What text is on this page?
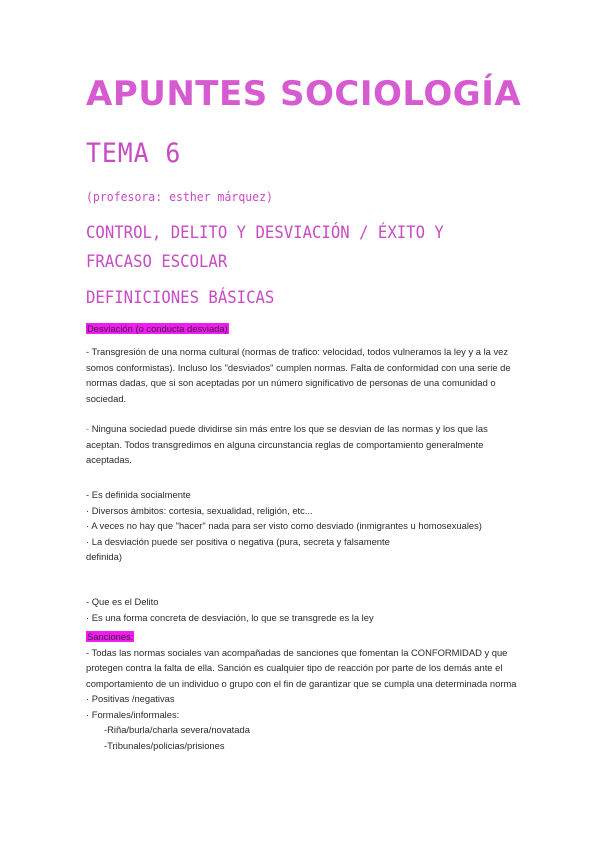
APUNTES SOCIOLOGÍA
TEMA 6
(profesora: esther márquez)
CONTROL, DELITO Y DESVIACIÓN / ÉXITO Y FRACASO ESCOLAR
DEFINICIONES BÁSICAS
Desviación (o conducta desviada)

- Transgresión de una norma cultural (normas de trafico: velocidad, todos vulneramos la ley y a la vez somos conformistas). Incluso los "desviados" cumplen normas. Falta de conformidad con una serie de normas dadas, que si son aceptadas por un número significativo de personas de una comunidad o sociedad.

- Ninguna sociedad puede dividirse sin más entre los que se desvian de las normas y los que las aceptan. Todos transgredimos en alguna circunstancia reglas de comportamiento generalmente aceptadas.

- Es definida socialmente

· Diversos ámbitos: cortesia, sexualidad, religión, etc...

· A veces no hay que "hacer" nada para ser visto como desviado (inmigrantes u homosexuales)

· La desviación puede ser positiva o negativa (pura, secreta y falsamente definida)

- Que es el Delito

· Es una forma concreta de desviación, lo que se transgrede es la ley

Sanciones:

- Todas las normas sociales van acompañadas de sanciones que fomentan la CONFORMIDAD y que protegen contra la falta de ella. Sanción es cualquier tipo de reacción por parte de los demás ante el comportamiento de un individuo o grupo con el fin de garantizar que se cumpla una determinada norma

· Positivas /negativas

· Formales/informales:

-Riña/burla/charla severa/novatada

-Tribunales/policias/prisiones
